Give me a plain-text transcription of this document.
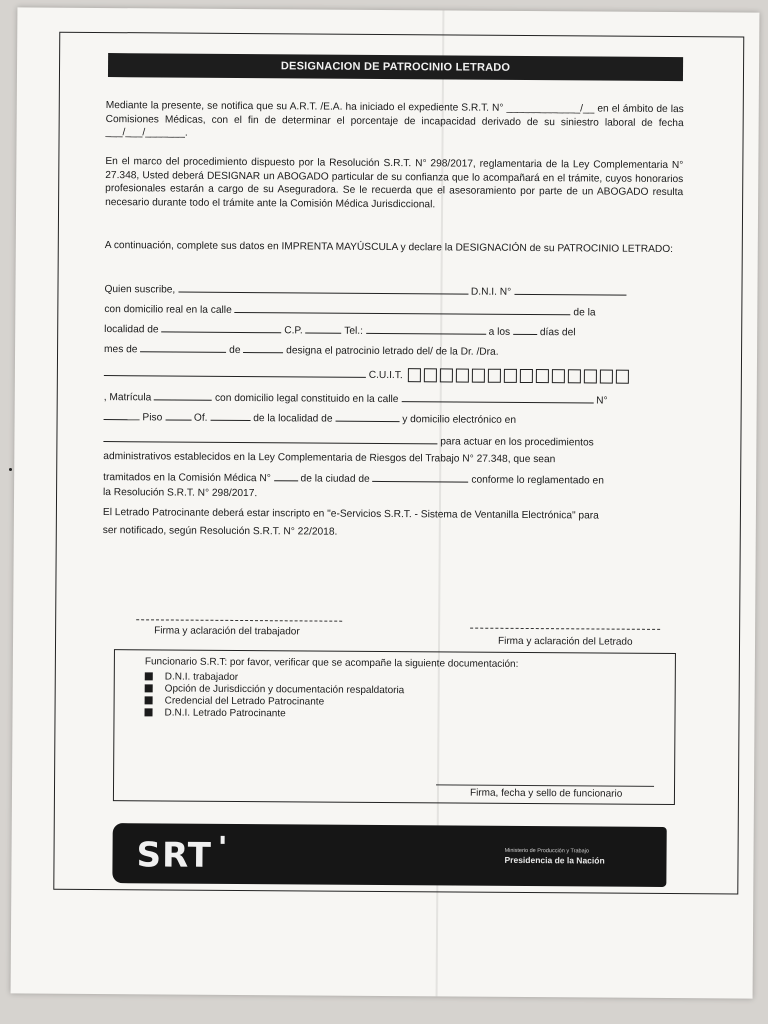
DESIGNACION DE PATROCINIO LETRADO
Mediante la presente, se notifica que su A.R.T. /E.A. ha iniciado el expediente S.R.T. N° _____________/__ en el ámbito de las Comisiones Médicas, con el fin de determinar el porcentaje de incapacidad derivado de su siniestro laboral de fecha ___/___/_______.
En el marco del procedimiento dispuesto por la Resolución S.R.T. N° 298/2017, reglamentaria de la Ley Complementaria N° 27.348, Usted deberá DESIGNAR un ABOGADO particular de su confianza que lo acompañará en el trámite, cuyos honorarios profesionales estarán a cargo de su Aseguradora. Se le recuerda que el asesoramiento por parte de un ABOGADO resulta necesario durante todo el trámite ante la Comisión Médica Jurisdiccional.
A continuación, complete sus datos en IMPRENTA MAYÚSCULA y declare la DESIGNACIÓN de su PATROCINIO LETRADO:
Quien suscribe,	D.N.I. N°
con domicilio real en la calle	de la
localidad de	C.P.	Tel.:	a los	días del
mes de	de	designa el patrocinio letrado del/ de la Dr. /Dra.
C.U.I.T.
, Matrícula	con domicilio legal constituido en la calle	N°
Piso	Of.	de la localidad de	y domicilio electrónico en
para actuar en los procedimientos
administrativos establecidos en la Ley Complementaria de Riesgos del Trabajo N° 27.348, que sean
tramitados en la Comisión Médica N°	de la ciudad de	conforme lo reglamentado en
la Resolución S.R.T. N° 298/2017.
El Letrado Patrocinante deberá estar inscripto en "e-Servicios S.R.T. - Sistema de Ventanilla Electrónica" para
ser notificado, según Resolución S.R.T. N° 22/2018.
Firma y aclaración del trabajador
Firma y aclaración del Letrado
Funcionario S.R.T: por favor, verificar que se acompañe la siguiente documentación:
D.N.I. trabajador
Opción de Jurisdicción y documentación respaldatoria
Credencial del Letrado Patrocinante
D.N.I. Letrado Patrocinante
Firma, fecha y sello de funcionario
SRT	Ministerio de Producción y Trabajo
Presidencia de la Nación
